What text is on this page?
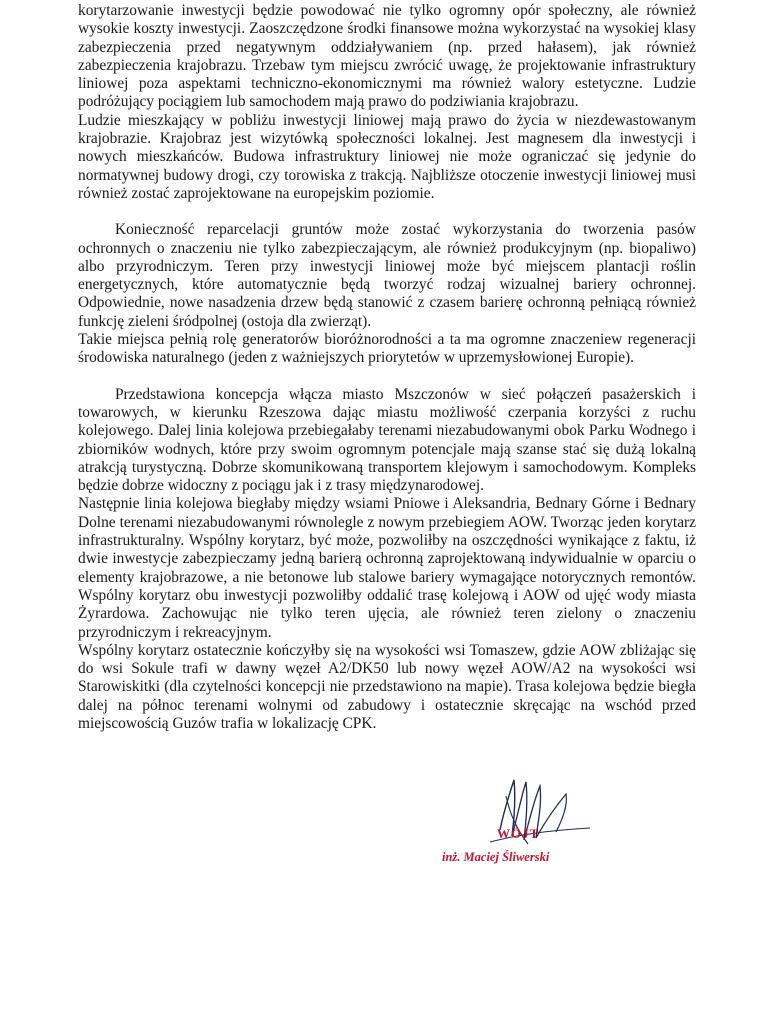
korytarzowanie inwestycji będzie powodować nie tylko ogromny opór społeczny, ale również wysokie koszty inwestycji. Zaoszczędzone środki finansowe można wykorzystać na wysokiej klasy zabezpieczenia przed negatywnym oddziaływaniem (np. przed hałasem), jak również zabezpieczenia krajobrazu. Trzebaw tym miejscu zwrócić uwagę, że projektowanie infrastruktury liniowej poza aspektami techniczno-ekonomicznymi ma również walory estetyczne. Ludzie podróżujący pociągiem lub samochodem mają prawo do podziwiania krajobrazu.

Ludzie mieszkający w pobliżu inwestycji liniowej mają prawo do życia w niezdewastowanym krajobrazie. Krajobraz jest wizytówką społeczności lokalnej. Jest magnesem dla inwestycji i nowych mieszkańców. Budowa infrastruktury liniowej nie może ograniczać się jedynie do normatywnej budowy drogi, czy torowiska z trakcją. Najbliższe otoczenie inwestycji liniowej musi również zostać zaprojektowane na europejskim poziomie.

Konieczność reparcelacji gruntów może zostać wykorzystania do tworzenia pasów ochronnych o znaczeniu nie tylko zabezpieczającym, ale również produkcyjnym (np. biopaliwo) albo przyrodniczym. Teren przy inwestycji liniowej może być miejscem plantacji roślin energetycznych, które automatycznie będą tworzyć rodzaj wizualnej bariery ochronnej. Odpowiednie, nowe nasadzenia drzew będą stanowić z czasem barierę ochronną pełniącą również funkcję zieleni śródpolnej (ostoja dla zwierząt).

Takie miejsca pełnią rolę generatorów bioróżnorodności a ta ma ogromne znaczeniew regeneracji środowiska naturalnego (jeden z ważniejszych priorytetów w uprzemysłowionej Europie).

Przedstawiona koncepcja włącza miasto Mszczonów w sieć połączeń pasażerskich i towarowych, w kierunku Rzeszowa dając miastu możliwość czerpania korzyści z ruchu kolejowego. Dalej linia kolejowa przebiegałaby terenami niezabudowanymi obok Parku Wodnego i zbiorników wodnych, które przy swoim ogromnym potencjale mają szanse stać się dużą lokalną atrakcją turystyczną. Dobrze skomunikowaną transportem klejowym i samochodowym. Kompleks będzie dobrze widoczny z pociągu jak i z trasy międzynarodowej.

Następnie linia kolejowa biegłaby między wsiami Pniowe i Aleksandria, Bednary Górne i Bednary Dolne terenami niezabudowanymi równolegle z nowym przebiegiem AOW. Tworząc jeden korytarz infrastrukturalny. Wspólny korytarz, być może, pozwoliłby na oszczędności wynikające z faktu, iż dwie inwestycje zabezpieczamy jedną barierą ochronną zaprojektowaną indywidualnie w oparciu o elementy krajobrazowe, a nie betonowe lub stalowe bariery wymagające notorycznych remontów. Wspólny korytarz obu inwestycji pozwoliłby oddalić trasę kolejową i AOW od ujęć wody miasta Żyrardowa. Zachowując nie tylko teren ujęcia, ale również teren zielony o znaczeniu przyrodniczym i rekreacyjnym.

Wspólny korytarz ostatecznie kończyłby się na wysokości wsi Tomaszew, gdzie AOW zbliżając się do wsi Sokule trafi w dawny węzeł A2/DK50 lub nowy węzeł AOW/A2 na wysokości wsi Starowiskitki (dla czytelności koncepcji nie przedstawiono na mapie). Trasa kolejowa będzie biegła dalej na północ terenami wolnymi od zabudowy i ostatecznie skręcając na wschód przed miejscowością Guzów trafia w lokalizację CPK.

WÓJT
inż. Maciej Śliwerski
